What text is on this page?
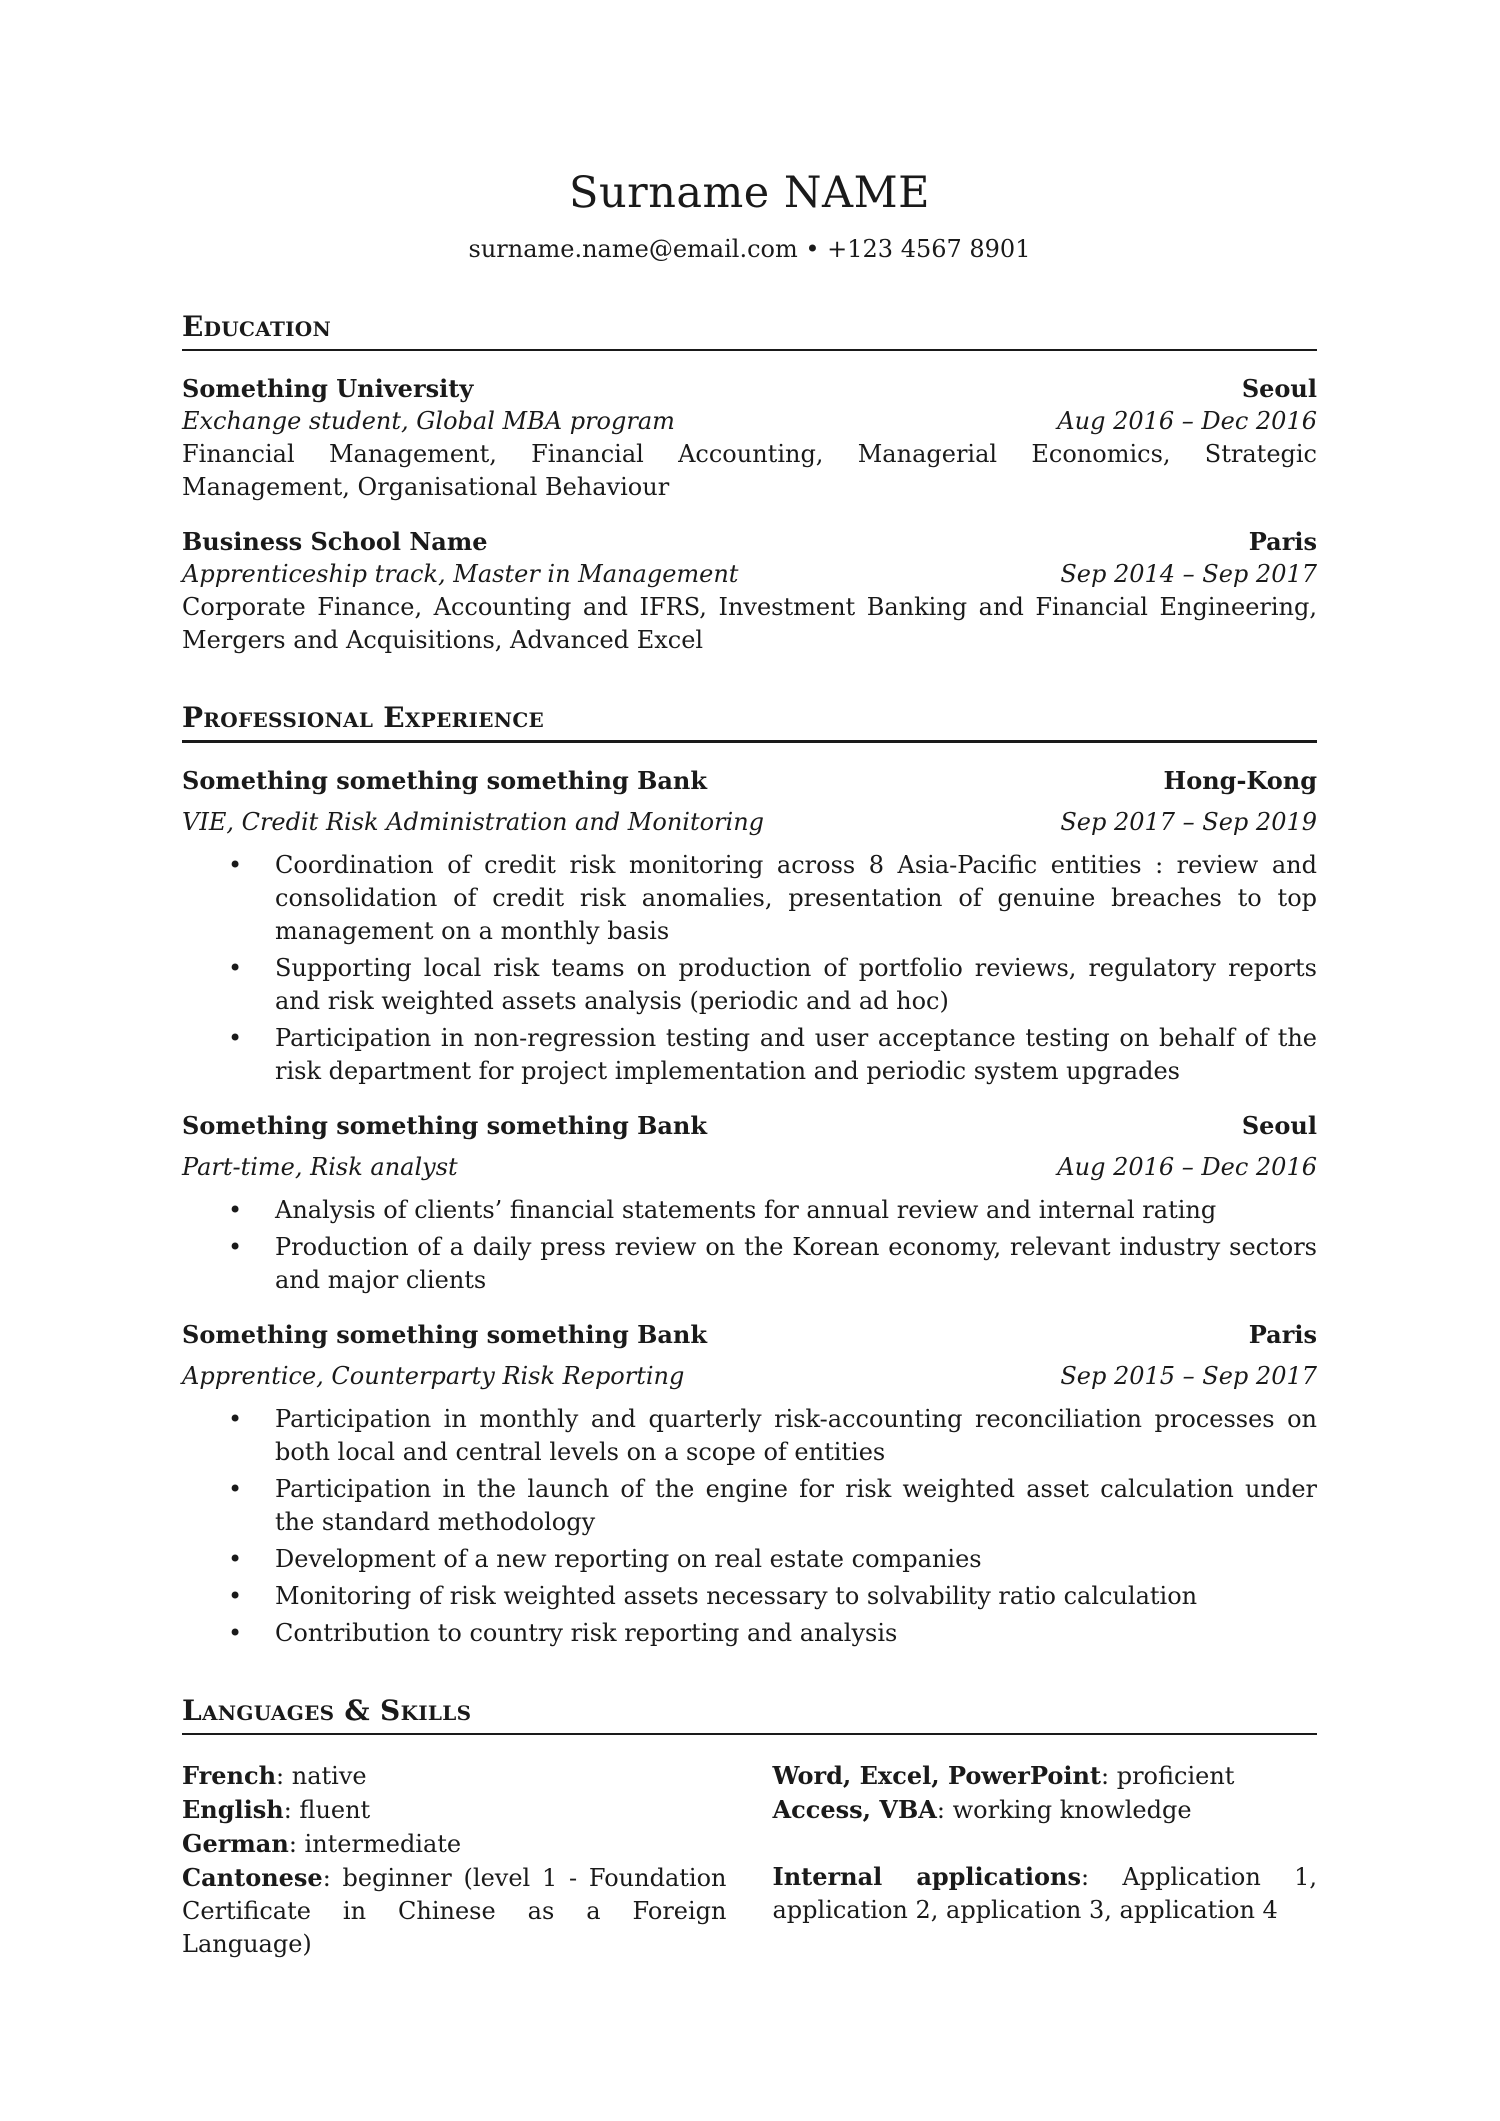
Surname NAME
surname.name@email.com • +123 4567 8901
Education
Something University	Seoul
Exchange student, Global MBA program	Aug 2016 – Dec 2016

Financial Management, Financial Accounting, Managerial Economics, Strategic Management, Organisational Behaviour

Business School Name	Paris
Apprenticeship track, Master in Management	Sep 2014 – Sep 2017

Corporate Finance, Accounting and IFRS, Investment Banking and Financial Engineering, Mergers and Acquisitions, Advanced Excel

Professional Experience
Something something something Bank	Hong-Kong
VIE, Credit Risk Administration and Monitoring	Sep 2017 – Sep 2019
• Coordination of credit risk monitoring across 8 Asia-Pacific entities : review and consolidation of credit risk anomalies, presentation of genuine breaches to top management on a monthly basis
• Supporting local risk teams on production of portfolio reviews, regulatory reports and risk weighted assets analysis (periodic and ad hoc)
• Participation in non-regression testing and user acceptance testing on behalf of the risk department for project implementation and periodic system upgrades
Something something something Bank	Seoul
Part-time, Risk analyst	Aug 2016 – Dec 2016
• Analysis of clients’ financial statements for annual review and internal rating
• Production of a daily press review on the Korean economy, relevant industry sectors and major clients
Something something something Bank	Paris
Apprentice, Counterparty Risk Reporting	Sep 2015 – Sep 2017
• Participation in monthly and quarterly risk-accounting reconciliation processes on both local and central levels on a scope of entities
• Participation in the launch of the engine for risk weighted asset calculation under the standard methodology
• Development of a new reporting on real estate companies
• Monitoring of risk weighted assets necessary to solvability ratio calculation
• Contribution to country risk reporting and analysis
Languages & Skills

French: native

English: fluent

German: intermediate

Cantonese: beginner (level 1 - Foundation Certificate in Chinese as a Foreign Language)

Word, Excel, PowerPoint: proficient

Access, VBA: working knowledge

Internal applications: Application 1, application 2, application 3, application 4
